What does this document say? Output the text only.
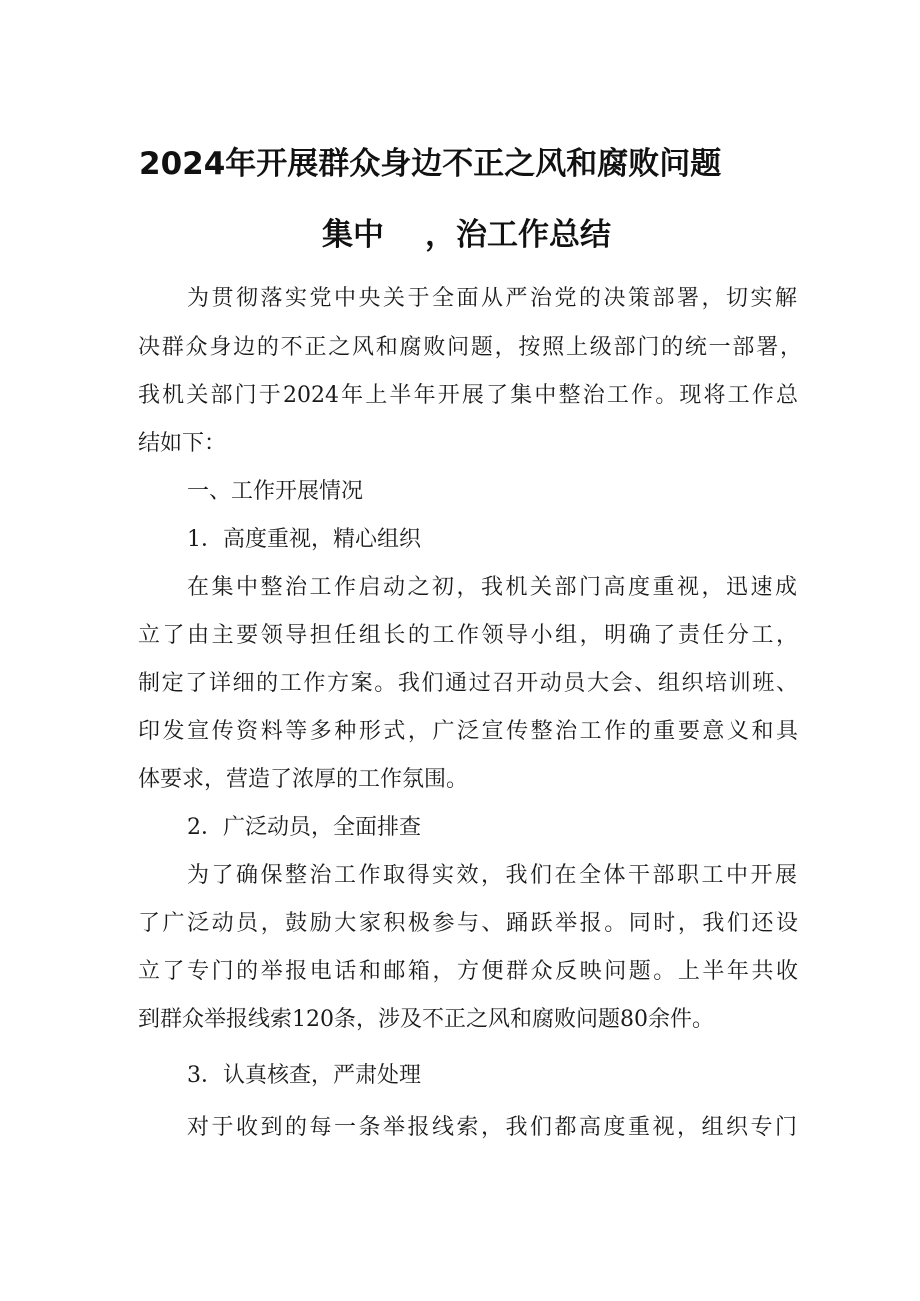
2024年开展群众身边不正之风和腐败问题
集中 ，治工作总结
为贯彻落实党中央关于全面从严治党的决策部署，切实解
决群众身边的不正之风和腐败问题，按照上级部门的统一部署，
我机关部门于2024年上半年开展了集中整治工作。现将工作总
结如下：
一、工作开展情况
1．高度重视，精心组织
在集中整治工作启动之初，我机关部门高度重视，迅速成
立了由主要领导担任组长的工作领导小组，明确了责任分工，
制定了详细的工作方案。我们通过召开动员大会、组织培训班、
印发宣传资料等多种形式，广泛宣传整治工作的重要意义和具
体要求，营造了浓厚的工作氛围。
2．广泛动员，全面排查
为了确保整治工作取得实效，我们在全体干部职工中开展
了广泛动员，鼓励大家积极参与、踊跃举报。同时，我们还设
立了专门的举报电话和邮箱，方便群众反映问题。上半年共收
到群众举报线索120条，涉及不正之风和腐败问题80余件。
3．认真核查，严肃处理
对于收到的每一条举报线索，我们都高度重视，组织专门
